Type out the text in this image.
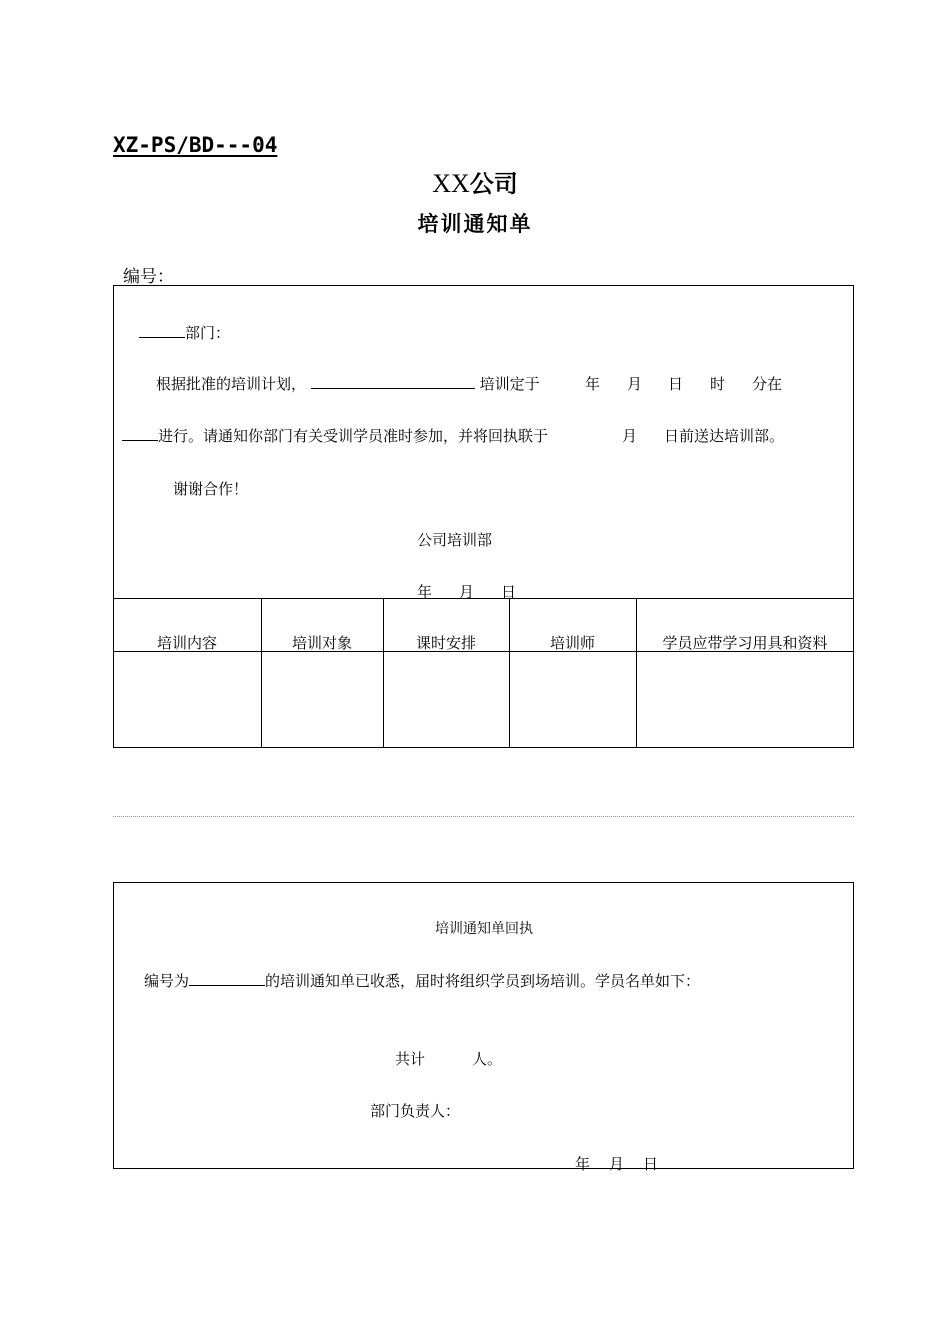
XZ-PS/BD---04
XX公司
培训通知单
编号：
部门：
根据批准的培训计划，	培训定于	年 月 日 时 分在
进行。请通知你部门有关受训学员准时参加，并将回执联于	月 日前送达培训部。
谢谢合作！
公司培训部
年 月 日
培训内容	培训对象	课时安排	培训师	学员应带学习用具和资料
培训通知单回执
编号为	的培训通知单已收悉，届时将组织学员到场培训。学员名单如下：
共计	人。
部门负责人：
年 月 日
